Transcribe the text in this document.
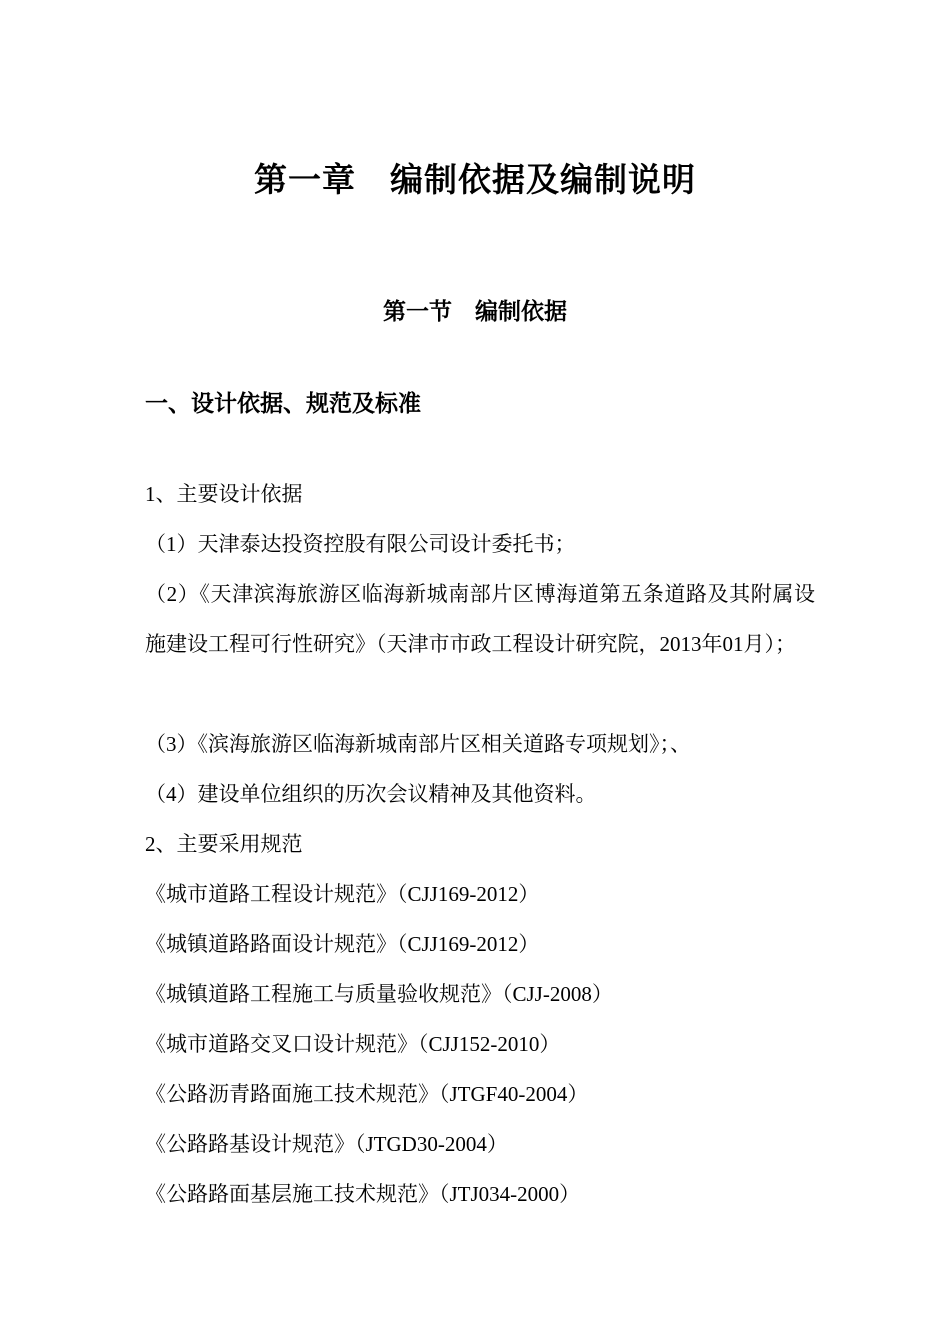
第一章　编制依据及编制说明
第一节　编制依据
一、设计依据、规范及标准
1、主要设计依据
（1）天津泰达投资控股有限公司设计委托书；
（2）《天津滨海旅游区临海新城南部片区博海道第五条道路及其附属设施建设工程可行性研究》（天津市市政工程设计研究院，2013年01月）；
（3）《滨海旅游区临海新城南部片区相关道路专项规划》；、
（4）建设单位组织的历次会议精神及其他资料。
2、主要采用规范
《城市道路工程设计规范》（CJJ169-2012）
《城镇道路路面设计规范》（CJJ169-2012）
《城镇道路工程施工与质量验收规范》（CJJ-2008）
《城市道路交叉口设计规范》（CJJ152-2010）
《公路沥青路面施工技术规范》（JTGF40-2004）
《公路路基设计规范》（JTGD30-2004）
《公路路面基层施工技术规范》（JTJ034-2000）
